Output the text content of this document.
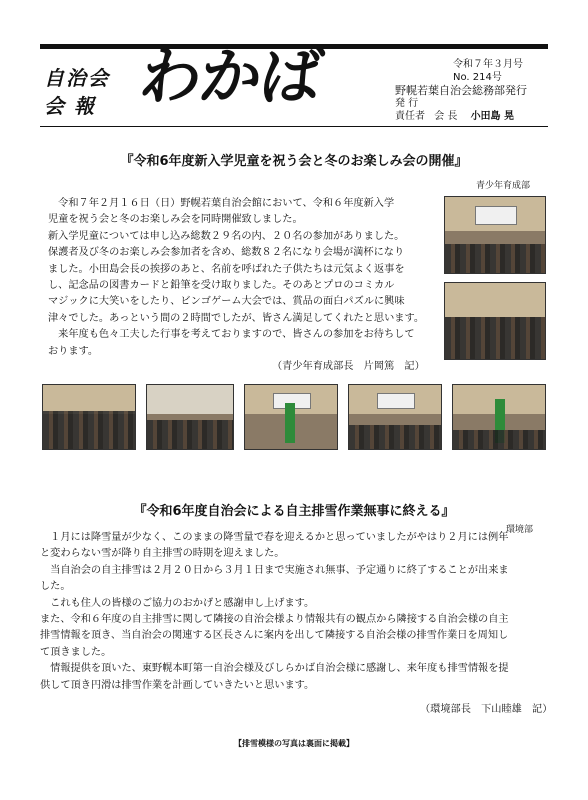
自治会
会報 わかば	令和７年３月号
No. 214号
野幌若葉自治会総務部発行
発 行
責任者 会 長 小田島 晃
『令和6年度新入学児童を祝う会と冬のお楽しみ会の開催』
青少年育成部

　令和７年２月１６日（日）野幌若葉自治会館において、令和６年度新入学

児童を祝う会と冬のお楽しみ会を同時開催致しました。

新入学児童については申し込み総数２９名の内、２０名の参加がありました。

保護者及び冬のお楽しみ会参加者を含め、総数８２名になり会場が満杯になり

ました。小田島会長の挨拶のあと、名前を呼ばれた子供たちは元気よく返事を

し、記念品の図書カードと鉛筆を受け取りました。そのあとプロのコミカル

マジックに大笑いをしたり、ビンゴゲーム大会では、賞品の面白パズルに興味

津々でした。あっという間の２時間でしたが、皆さん満足してくれたと思います。

　来年度も色々工夫した行事を考えておりますので、皆さんの参加をお待ちして

おります。

（青少年育成部長　片岡篤　記）
『令和6年度自治会による自主排雪作業無事に終える』
環境部

　１月には降雪量が少なく、このままの降雪量で春を迎えるかと思っていましたがやはり２月には例年

と変わらない雪が降り自主排雪の時期を迎えました。

　当自治会の自主排雪は２月２０日から３月１日まで実施され無事、予定通りに終了することが出来ま

した。

　これも住人の皆様のご協力のおかげと感謝申し上げます。

また、令和６年度の自主排雪に関して隣接の自治会様より情報共有の観点から隣接する自治会様の自主

排雪情報を頂き、当自治会の関連する区長さんに案内を出して隣接する自治会様の排雪作業日を周知し

て頂きました。

　情報提供を頂いた、東野幌本町第一自治会様及びしらかば自治会様に感謝し、来年度も排雪情報を提

供して頂き円滑は排雪作業を計画していきたいと思います。

（環境部長　下山睦雄　記）
【排雪模様の写真は裏面に掲載】
